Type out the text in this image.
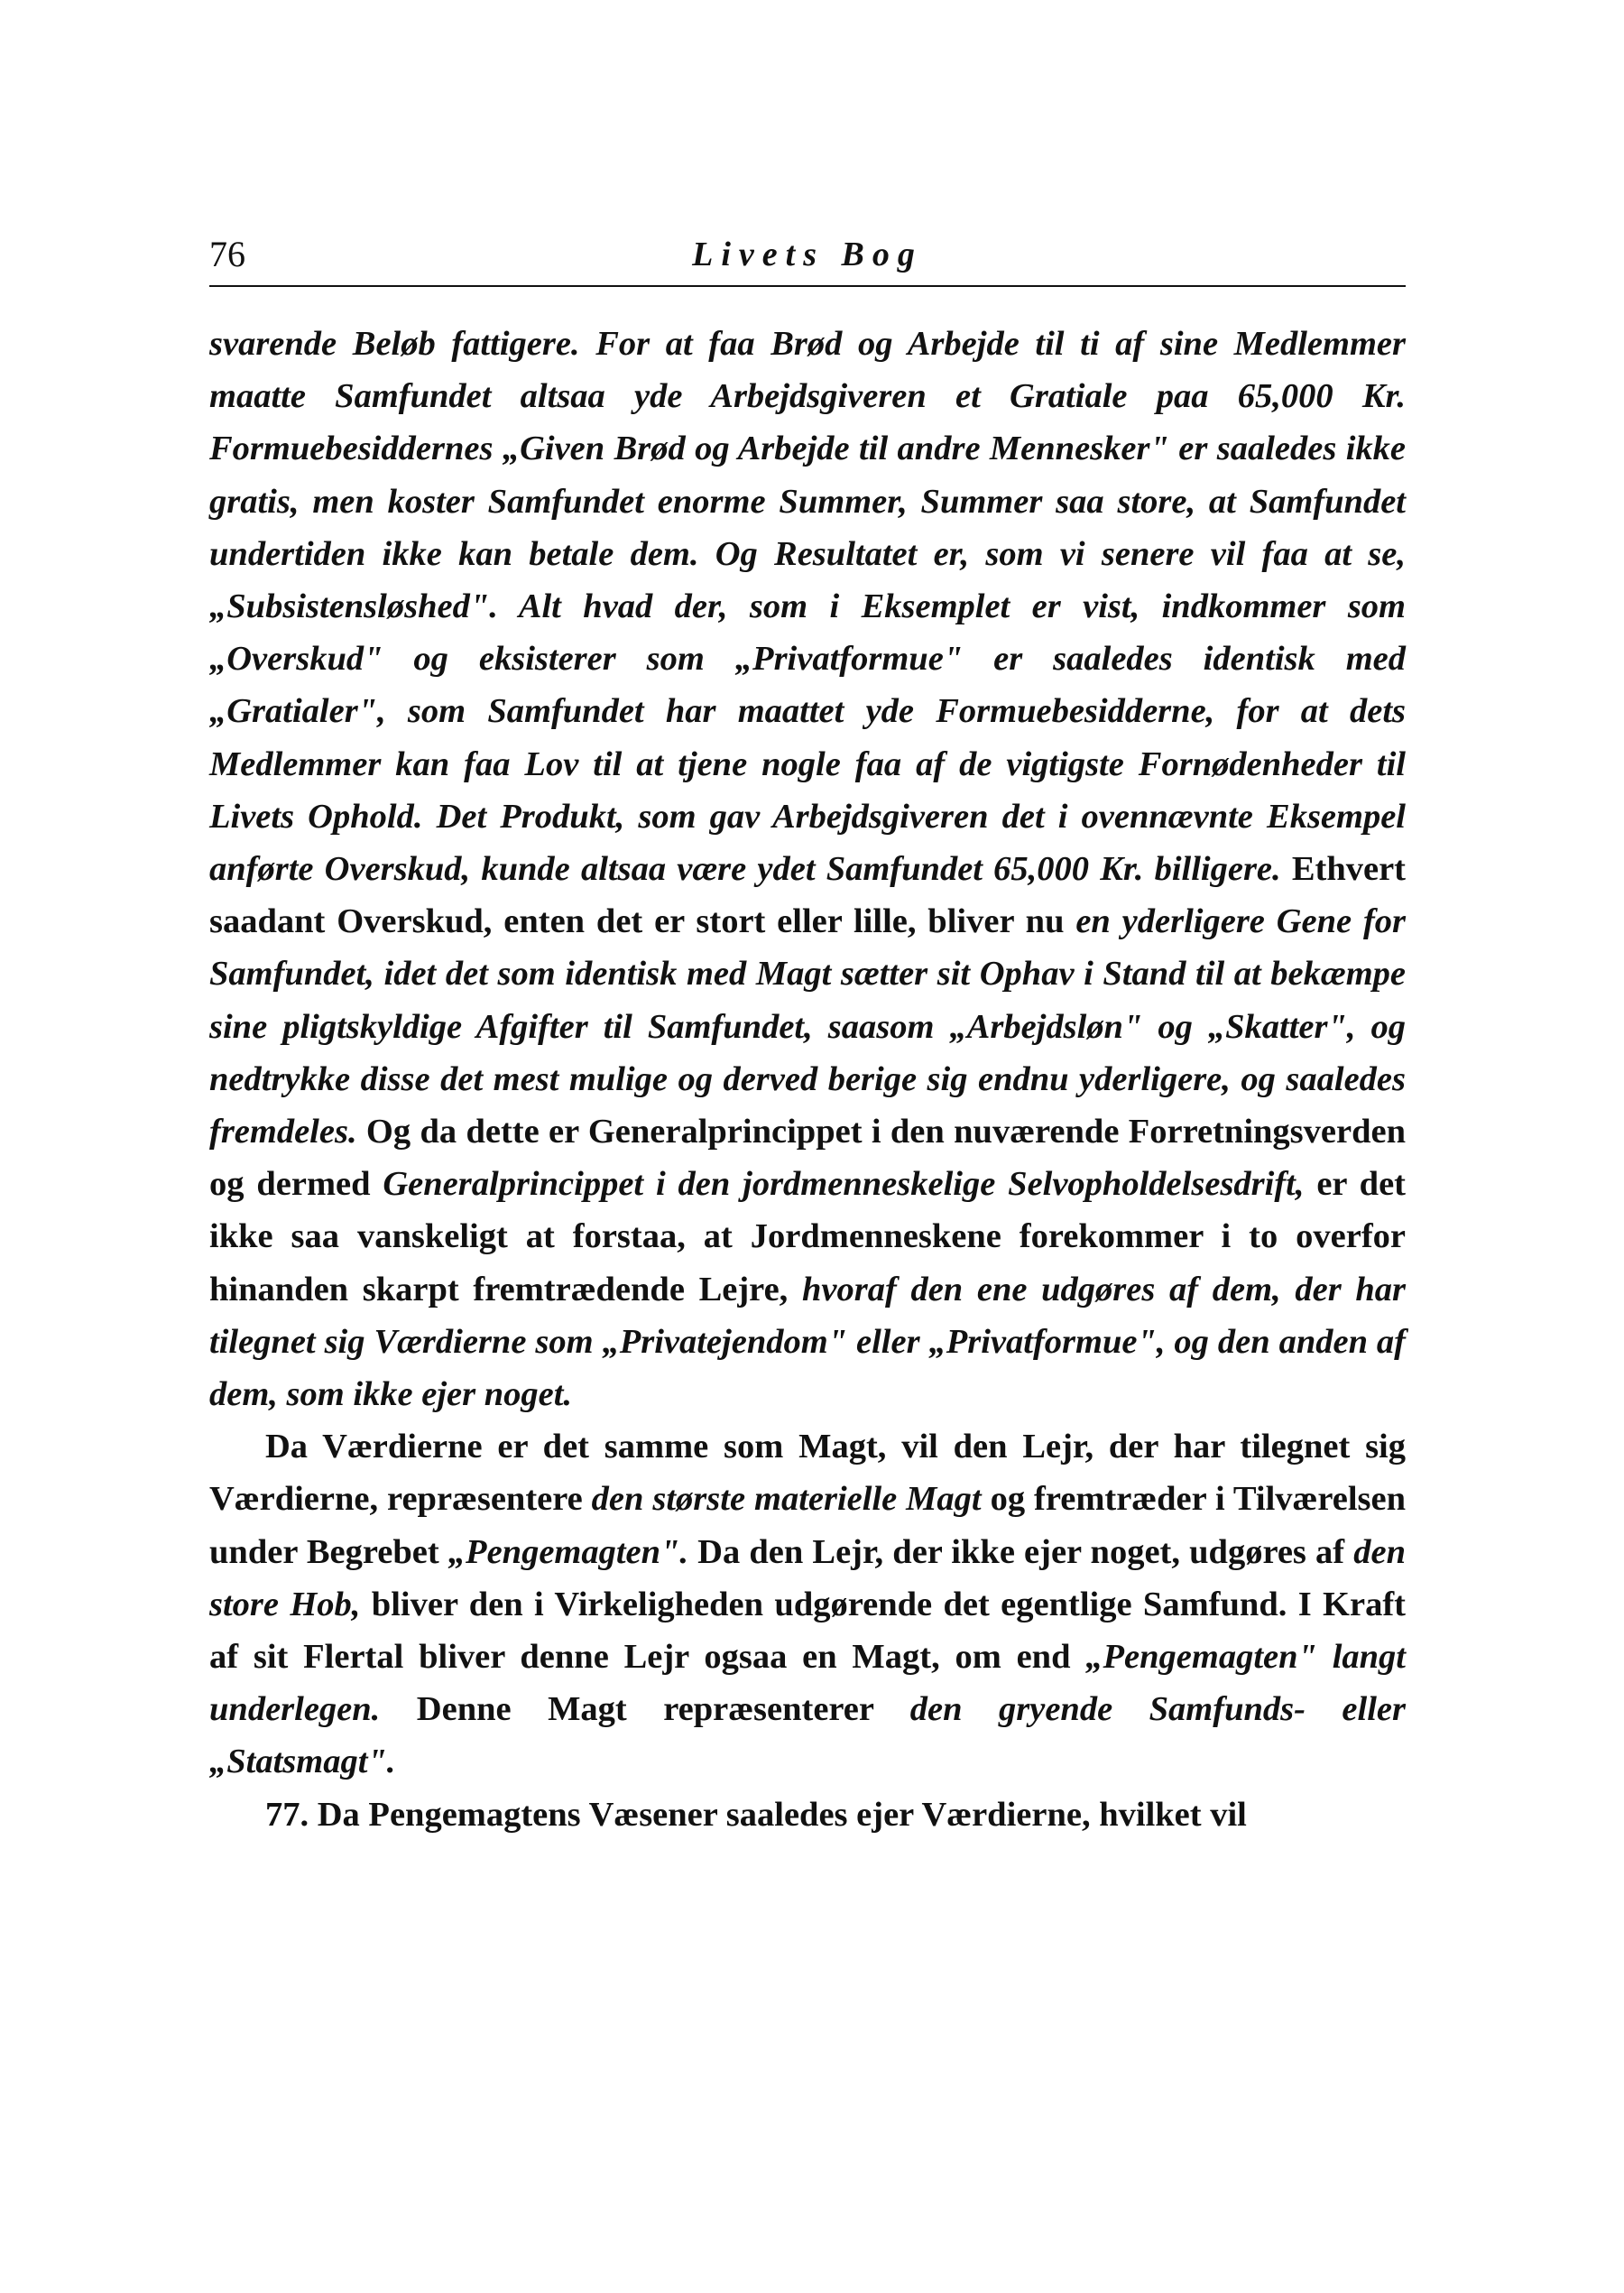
76	Livets Bog

svarende Beløb fattigere. For at faa Brød og Arbejde til ti af sine Medlemmer maatte Samfundet altsaa yde Arbejdsgiveren et Gratiale paa 65,000 Kr. Formuebesiddernes „Given Brød og Arbejde til andre Mennesker" er saaledes ikke gratis, men koster Samfundet enorme Summer, Summer saa store, at Samfundet undertiden ikke kan betale dem. Og Resultatet er, som vi senere vil faa at se, „Subsistensløshed". Alt hvad der, som i Eksemplet er vist, indkommer som „Overskud" og eksisterer som „Privatformue" er saaledes identisk med „Gratialer", som Samfundet har maattet yde Formuebesidderne, for at dets Medlemmer kan faa Lov til at tjene nogle faa af de vigtigste Fornødenheder til Livets Ophold. Det Produkt, som gav Arbejdsgiveren det i ovennævnte Eksempel anførte Overskud, kunde altsaa være ydet Samfundet 65,000 Kr. billigere. Ethvert saadant Overskud, enten det er stort eller lille, bliver nu en yderligere Gene for Samfundet, idet det som identisk med Magt sætter sit Ophav i Stand til at bekæmpe sine pligtskyldige Afgifter til Samfundet, saasom „Arbejdsløn" og „Skatter", og nedtrykke disse det mest mulige og derved berige sig endnu yderligere, og saaledes fremdeles. Og da dette er Generalprincippet i den nuværende Forretningsverden og dermed Generalprincippet i den jordmenneskelige Selvopholdelsesdrift, er det ikke saa vanskeligt at forstaa, at Jordmenneskene forekommer i to overfor hinanden skarpt fremtrædende Lejre, hvoraf den ene udgøres af dem, der har tilegnet sig Værdierne som „Privatejendom" eller „Privatformue", og den anden af dem, som ikke ejer noget.

Da Værdierne er det samme som Magt, vil den Lejr, der har tilegnet sig Værdierne, repræsentere den største materielle Magt og fremtræder i Tilværelsen under Begrebet „Pengemagten". Da den Lejr, der ikke ejer noget, udgøres af den store Hob, bliver den i Virkeligheden udgørende det egentlige Samfund. I Kraft af sit Flertal bliver denne Lejr ogsaa en Magt, om end „Pengemagten" langt underlegen. Denne Magt repræsenterer den gryende Samfunds- eller „Statsmagt".

77. Da Pengemagtens Væsener saaledes ejer Værdierne, hvilket vil
